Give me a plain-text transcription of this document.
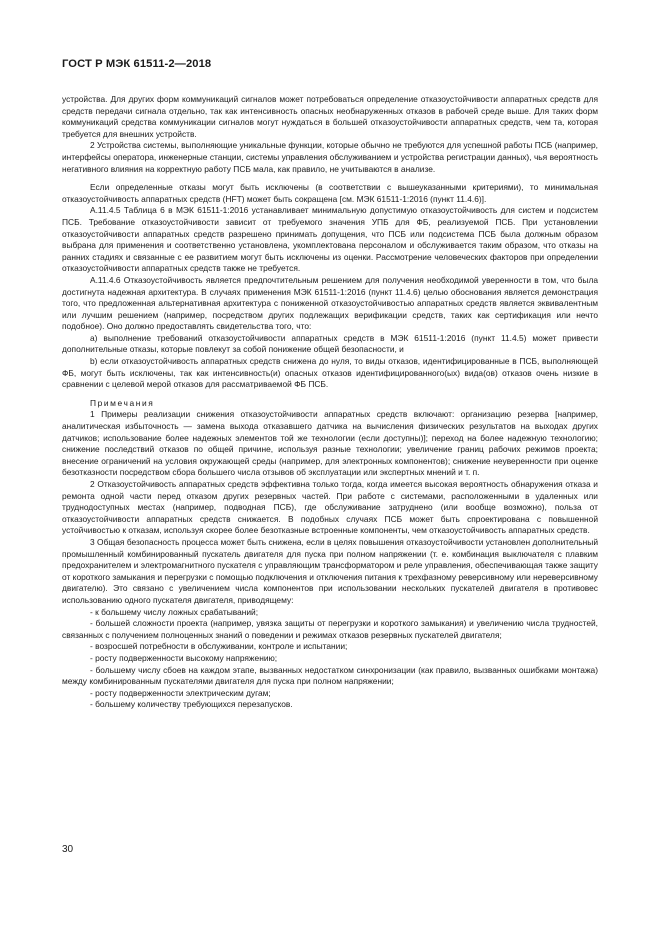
ГОСТ Р МЭК 61511-2—2018

устройства. Для других форм коммуникаций сигналов может потребоваться определение отказоустойчивости аппаратных средств для средств передачи сигнала отдельно, так как интенсивность опасных необнаруженных отказов в рабочей среде выше. Для таких форм коммуникаций средства коммуникации сигналов могут нуждаться в большей отказоустойчивости аппаратных средств, чем та, которая требуется для внешних устройств.

2 Устройства системы, выполняющие уникальные функции, которые обычно не требуются для успешной работы ПСБ (например, интерфейсы оператора, инженерные станции, системы управления обслуживанием и устройства регистрации данных), чья вероятность негативного влияния на корректную работу ПСБ мала, как правило, не учитываются в анализе.

Если определенные отказы могут быть исключены (в соответствии с вышеуказанными критериями), то минимальная отказоустойчивость аппаратных средств (HFT) может быть сокращена [см. МЭК 61511-1:2016 (пункт 11.4.6)].

А.11.4.5 Таблица 6 в МЭК 61511-1:2016 устанавливает минимальную допустимую отказоустойчивость для систем и подсистем ПСБ. Требование отказоустойчивости зависит от требуемого значения УПБ для ФБ, реализуемой ПСБ. При установлении отказоустойчивости аппаратных средств разрешено принимать допущения, что ПСБ или подсистема ПСБ была должным образом выбрана для применения и соответственно установлена, укомплектована персоналом и обслуживается таким образом, что отказы на ранних стадиях и связанные с ее развитием могут быть исключены из оценки. Рассмотрение человеческих факторов при определении отказоустойчивости аппаратных средств также не требуется.

А.11.4.6 Отказоустойчивость является предпочтительным решением для получения необходимой уверенности в том, что была достигнута надежная архитектура. В случаях применения МЭК 61511-1:2016 (пункт 11.4.6) целью обоснования является демонстрация того, что предложенная альтернативная архитектура с пониженной отказоустойчивостью аппаратных средств является эквивалентным или лучшим решением (например, посредством других подлежащих верификации средств, таких как сертификация или нечто подобное). Оно должно предоставлять свидетельства того, что:

a) выполнение требований отказоустойчивости аппаратных средств в МЭК 61511-1:2016 (пункт 11.4.5) может привести дополнительные отказы, которые повлекут за собой понижение общей безопасности, и

b) если отказоустойчивость аппаратных средств снижена до нуля, то виды отказов, идентифицированные в ПСБ, выполняющей ФБ, могут быть исключены, так как интенсивность(и) опасных отказов идентифицированного(ых) вида(ов) отказов очень низкие в сравнении с целевой мерой отказов для рассматриваемой ФБ ПСБ.

Примечания

1 Примеры реализации снижения отказоустойчивости аппаратных средств включают: организацию резерва [например, аналитическая избыточность — замена выхода отказавшего датчика на вычисления физических результатов на выходах других датчиков; использование более надежных элементов той же технологии (если доступны)]; переход на более надежную технологию; снижение последствий отказов по общей причине, используя разные технологии; увеличение границ рабочих режимов проекта; внесение ограничений на условия окружающей среды (например, для электронных компонентов); снижение неуверенности при оценке безотказности посредством сбора большего числа отзывов об эксплуатации или экспертных мнений и т. п.

2 Отказоустойчивость аппаратных средств эффективна только тогда, когда имеется высокая вероятность обнаружения отказа и ремонта одной части перед отказом других резервных частей. При работе с системами, расположенными в удаленных или труднодоступных местах (например, подводная ПСБ), где обслуживание затруднено (или вообще возможно), польза от отказоустойчивости аппаратных средств снижается. В подобных случаях ПСБ может быть спроектирована с повышенной устойчивостью к отказам, используя скорее более безотказные встроенные компоненты, чем отказоустойчивость аппаратных средств.

3 Общая безопасность процесса может быть снижена, если в целях повышения отказоустойчивости установлен дополнительный промышленный комбинированный пускатель двигателя для пуска при полном напряжении (т. е. комбинация выключателя с плавким предохранителем и электромагнитного пускателя с управляющим трансформатором и реле управления, обеспечивающая также защиту от короткого замыкания и перегрузки с помощью подключения и отключения питания к трехфазному реверсивному или нереверсивному двигателю). Это связано с увеличением числа компонентов при использовании нескольких пускателей двигателя в противовес использованию одного пускателя двигателя, приводящему:

- к большему числу ложных срабатываний;

- большей сложности проекта (например, увязка защиты от перегрузки и короткого замыкания) и увеличению числа трудностей, связанных с получением полноценных знаний о поведении и режимах отказов резервных пускателей двигателя;

- возросшей потребности в обслуживании, контроле и испытании;

- росту подверженности высокому напряжению;

- большему числу сбоев на каждом этапе, вызванных недостатком синхронизации (как правило, вызванных ошибками монтажа) между комбинированным пускателями двигателя для пуска при полном напряжении;

- росту подверженности электрическим дугам;

- большему количеству требующихся перезапусков.

30
